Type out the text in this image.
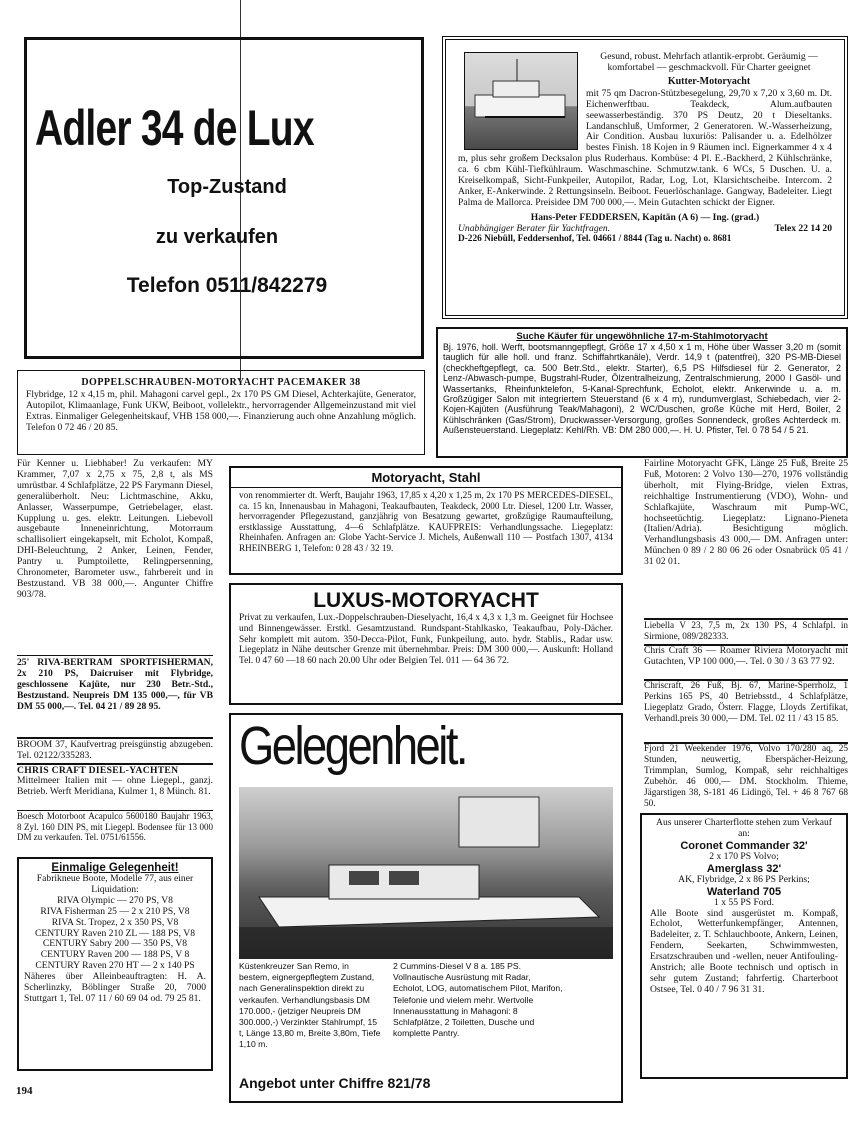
194
Adler 34 de Lux
Top-Zustand
zu verkaufen
Telefon 0511/842279
Gesund, robust. Mehrfach atlantik-erprobt. Geräumig — komfortabel — geschmackvoll. Für Charter geeignet
Kutter-Motoryacht
mit 75 qm Dacron-Stützbesegelung, 29,70 x 7,20 x 3,60 m. Dt. Eichenwerftbau. Teakdeck, Alum.aufbauten seewasserbeständig. 370 PS Deutz, 20 t Dieseltanks. Landanschluß, Umformer, 2 Generatoren. W.-Wasserheizung, Air Condition. Ausbau luxuriös: Palisander u. a. Edelhölzer bestes Finish. 18 Kojen in 9 Räumen incl. Eignerkammer 4 x 4 m, plus sehr großem Decksalon plus Ruderhaus. Kombüse: 4 Pl. E.-Backherd, 2 Kühlschränke, ca. 6 cbm Kühl-Tiefkühlraum. Waschmaschine. Schmutzw.tank. 6 WCs, 5 Duschen. U. a. Kreiselkompaß, Sicht-Funkpeiler, Autopilot, Radar, Log, Lot, Klarsichtscheibe. Intercom. 2 Anker, E-Ankerwinde. 2 Rettungsinseln. Beiboot. Feuerlöschanlage. Gangway, Badeleiter. Liegt Palma de Mallorca. Preisidee DM 700 000,—. Mein Gutachten schickt der Eigner.
Hans-Peter FEDDERSEN, Kapitän (A 6) — Ing. (grad.)
Unabhängiger Berater für Yachtfragen.	Telex 22 14 20
D-226 Niebüll, Feddersenhof, Tel. 04661 / 8844 (Tag u. Nacht) o. 8681
Suche Käufer für ungewöhnliche 17-m-Stahlmotoryacht
Bj. 1976, holl. Werft, bootsmanngepflegt, Größe 17 x 4,50 x 1 m, Höhe über Wasser 3,20 m (somit tauglich für alle holl. und franz. Schiffahrtkanäle), Verdr. 14,9 t (patentfrei), 320 PS-MB-Diesel (checkheftgepflegt, ca. 500 Betr.Std., elektr. Starter), 6,5 PS Hilfsdiesel für 2. Generator, 2 Lenz-/Abwasch-pumpe, Bugstrahl-Ruder, Ölzentralheizung, Zentralschmierung, 2000 l Gasöl- und Wassertanks, Rheinfunktelefon, 5-Kanal-Sprechfunk, Echolot, elektr. Ankerwinde u. a. m. Großzügiger Salon mit integriertem Steuerstand (6 x 4 m), rundumverglast, Schiebedach, vier 2-Kojen-Kajüten (Ausführung Teak/Mahagoni), 2 WC/Duschen, große Küche mit Herd, Boiler, 2 Kühlschränken (Gas/Strom), Druckwasser-Versorgung, großes Sonnendeck, großes Achterdeck m. Außensteuerstand. Liegeplatz: Kehl/Rh. VB: DM 280 000,—. H. U. Pfister, Tel. 0 78 54 / 5 21.
DOPPELSCHRAUBEN-MOTORYACHT PACEMAKER 38
Flybridge, 12 x 4,15 m, phil. Mahagoni carvel gepl., 2x 170 PS GM Diesel, Achterkajüte, Generator, Autopilot, Klimaanlage, Funk UKW, Beiboot, vollelektr., hervorragender Allgemeinzustand mit viel Extras. Einmaliger Gelegenheitskauf, VHB 158 000,—. Finanzierung auch ohne Anzahlung möglich. Telefon 0 72 46 / 20 85.
Für Kenner u. Liebhaber! Zu verkaufen: MY Krammer, 7,07 x 2,75 x 75, 2,8 t, als MS umrüstbar. 4 Schlafplätze, 22 PS Farymann Diesel, generalüberholt. Neu: Lichtmaschine, Akku, Anlasser, Wasserpumpe, Getriebelager, elast. Kupplung u. ges. elektr. Leitungen. Liebevoll ausgebaute Inneneinrichtung, Motorraum schallisoliert eingekapselt, mit Echolot, Kompaß, DHI-Beleuchtung, 2 Anker, Leinen, Fender, Pantry u. Pumptoilette, Relingpersenning, Chronometer, Barometer usw., fahrbereit und in Bestzustand. VB 38 000,—. Angunter Chiffre 903/78.
25' RIVA-BERTRAM SPORTFISHERMAN, 2x 210 PS, Daicruiser mit Flybridge, geschlossene Kajüte, nur 230 Betr.-Std., Bestzustand. Neupreis DM 135 000,—, für VB DM 55 000,—. Tel. 04 21 / 89 28 95.
BROOM 37, Kaufvertrag preisgünstig abzugeben. Tel. 02122/335283.
CHRIS CRAFT DIESEL-YACHTEN
Mittelmeer Italien mit — ohne Liegepl., ganzj. Betrieb. Werft Meridiana, Kulmer 1, 8 Münch. 81.
Boesch Motorboot Acapulco 5600180 Baujahr 1963, 8 Zyl. 160 DIN PS, mit Liegepl. Bodensee für 13 000 DM zu verkaufen. Tel. 0751/61556.
Einmalige Gelegenheit!
Fabrikneue Boote, Modelle 77, aus einer Liquidation:
RIVA Olympic — 270 PS, V8
RIVA Fisherman 25 — 2 x 210 PS, V8
RIVA St. Tropez, 2 x 350 PS, V8
CENTURY Raven 210 ZL — 188 PS, V8
CENTURY Sabry 200 — 350 PS, V8
CENTURY Raven 200 — 188 PS, V 8
CENTURY Raven 270 HT — 2 x 140 PS
Näheres über Alleinbeauftragten: H. A. Scherlinzky, Böblinger Straße 20, 7000 Stuttgart 1, Tel. 07 11 / 60 69 04 od. 79 25 81.
Motoryacht, Stahl
von renommierter dt. Werft, Baujahr 1963, 17,85 x 4,20 x 1,25 m, 2x 170 PS MERCEDES-DIESEL, ca. 15 kn, Innenausbau in Mahagoni, Teakaufbauten, Teakdeck, 2000 Ltr. Diesel, 1200 Ltr. Wasser, hervorragender Pflegezustand, ganzjährig von Besatzung gewartet, großzügige Raumaufteilung, erstklassige Ausstattung, 4—6 Schlafplätze. KAUFPREIS: Verhandlungssache. Liegeplatz: Rheinhafen. Anfragen an: Globe Yacht-Service J. Michels, Außenwall 110 — Postfach 1307, 4134 RHEINBERG 1, Telefon: 0 28 43 / 32 19.
LUXUS-MOTORYACHT
Privat zu verkaufen, Lux.-Doppelschrauben-Dieselyacht, 16,4 x 4,3 x 1,3 m. Geeignet für Hochsee und Binnengewässer. Erstkl. Gesamtzustand. Rundspant-Stahlkasko, Teakaufbau, Poly-Dächer. Sehr komplett mit autom. 350-Decca-Pilot, Funk, Funkpeilung, auto. hydr. Stablis., Radar usw. Liegeplatz in Nähe deutscher Grenze mit übernehmbar. Preis: DM 300 000,—. Auskunft: Holland Tel. 0 47 60 —18 60 nach 20.00 Uhr oder Belgien Tel. 011 — 64 36 72.
Gelegenheit.
Küstenkreuzer San Remo, in bestem, eignergepflegtem Zustand, nach Generalinspektion direkt zu verkaufen. Verhandlungsbasis DM 170.000,- (jetziger Neupreis DM 300.000,-) Verzinkter Stahlrumpf, 15 t, Länge 13,80 m, Breite 3,80m, Tiefe 1,10 m.
2 Cummins-Diesel V 8 a. 185 PS. Vollnautische Ausrüstung mit Radar, Echolot, LOG, automatischem Pilot, Marifon, Telefonie und vielem mehr. Wertvolle Innenausstattung in Mahagoni: 8 Schlafplätze, 2 Toiletten, Dusche und komplette Pantry.
Angebot unter Chiffre 821/78
Fairline Motoryacht GFK, Länge 25 Fuß, Breite 25 Fuß, Motoren: 2 Volvo 130—270, 1976 vollständig überholt, mit Flying-Bridge, vielen Extras, reichhaltige Instrumentierung (VDO), Wohn- und Schlafkajüte, Waschraum mit Pump-WC, hochseetüchtig. Liegeplatz: Lignano-Pieneta (Italien/Adria). Besichtigung möglich. Verhandlungsbasis 43 000,— DM. Anfragen unter: München 0 89 / 2 80 06 26 oder Osnabrück 05 41 / 31 02 01.
Liebella V 23, 7,5 m, 2x 130 PS, 4 Schlafpl. in Sirmione, 089/282333.
Chris Craft 36 — Roamer Riviera Motoryacht mit Gutachten, VP 100 000,—. Tel. 0 30 / 3 63 77 92.
Chriscraft, 26 Fuß, Bj. 67, Marine-Sperrholz, 1 Perkins 165 PS, 40 Betriebsstd., 4 Schlafplätze, Liegeplatz Grado, Österr. Flagge, Lloyds Zertifikat, Verhandl.preis 30 000,— DM. Tel. 02 11 / 43 15 85.
Fjord 21 Weekender 1976, Volvo 170/280 aq, 25 Stunden, neuwertig, Eberspächer-Heizung, Trimmplan, Sumlog, Kompaß, sehr reichhaltiges Zubehör. 46 000,— DM. Stockholm. Thieme, Jägarstigen 38, S-181 46 Lidingö, Tel. + 46 8 767 68 50.
Aus unserer Charterflotte stehen zum Verkauf an:
Coronet Commander 32'
2 x 170 PS Volvo;
Amerglass 32'
AK, Flybridge, 2 x 86 PS Perkins;
Waterland 705
1 x 55 PS Ford.
Alle Boote sind ausgerüstet m. Kompaß, Echolot, Wetterfunkempfänger, Antennen, Badeleiter, z. T. Schlauchboote, Ankern, Leinen, Fendern, Seekarten, Schwimmwesten, Ersatzschrauben und -wellen, neuer Antifouling-Anstrich; alle Boote technisch und optisch in sehr gutem Zustand; fahrfertig. Charterboot Ostsee, Tel. 0 40 / 7 96 31 31.
